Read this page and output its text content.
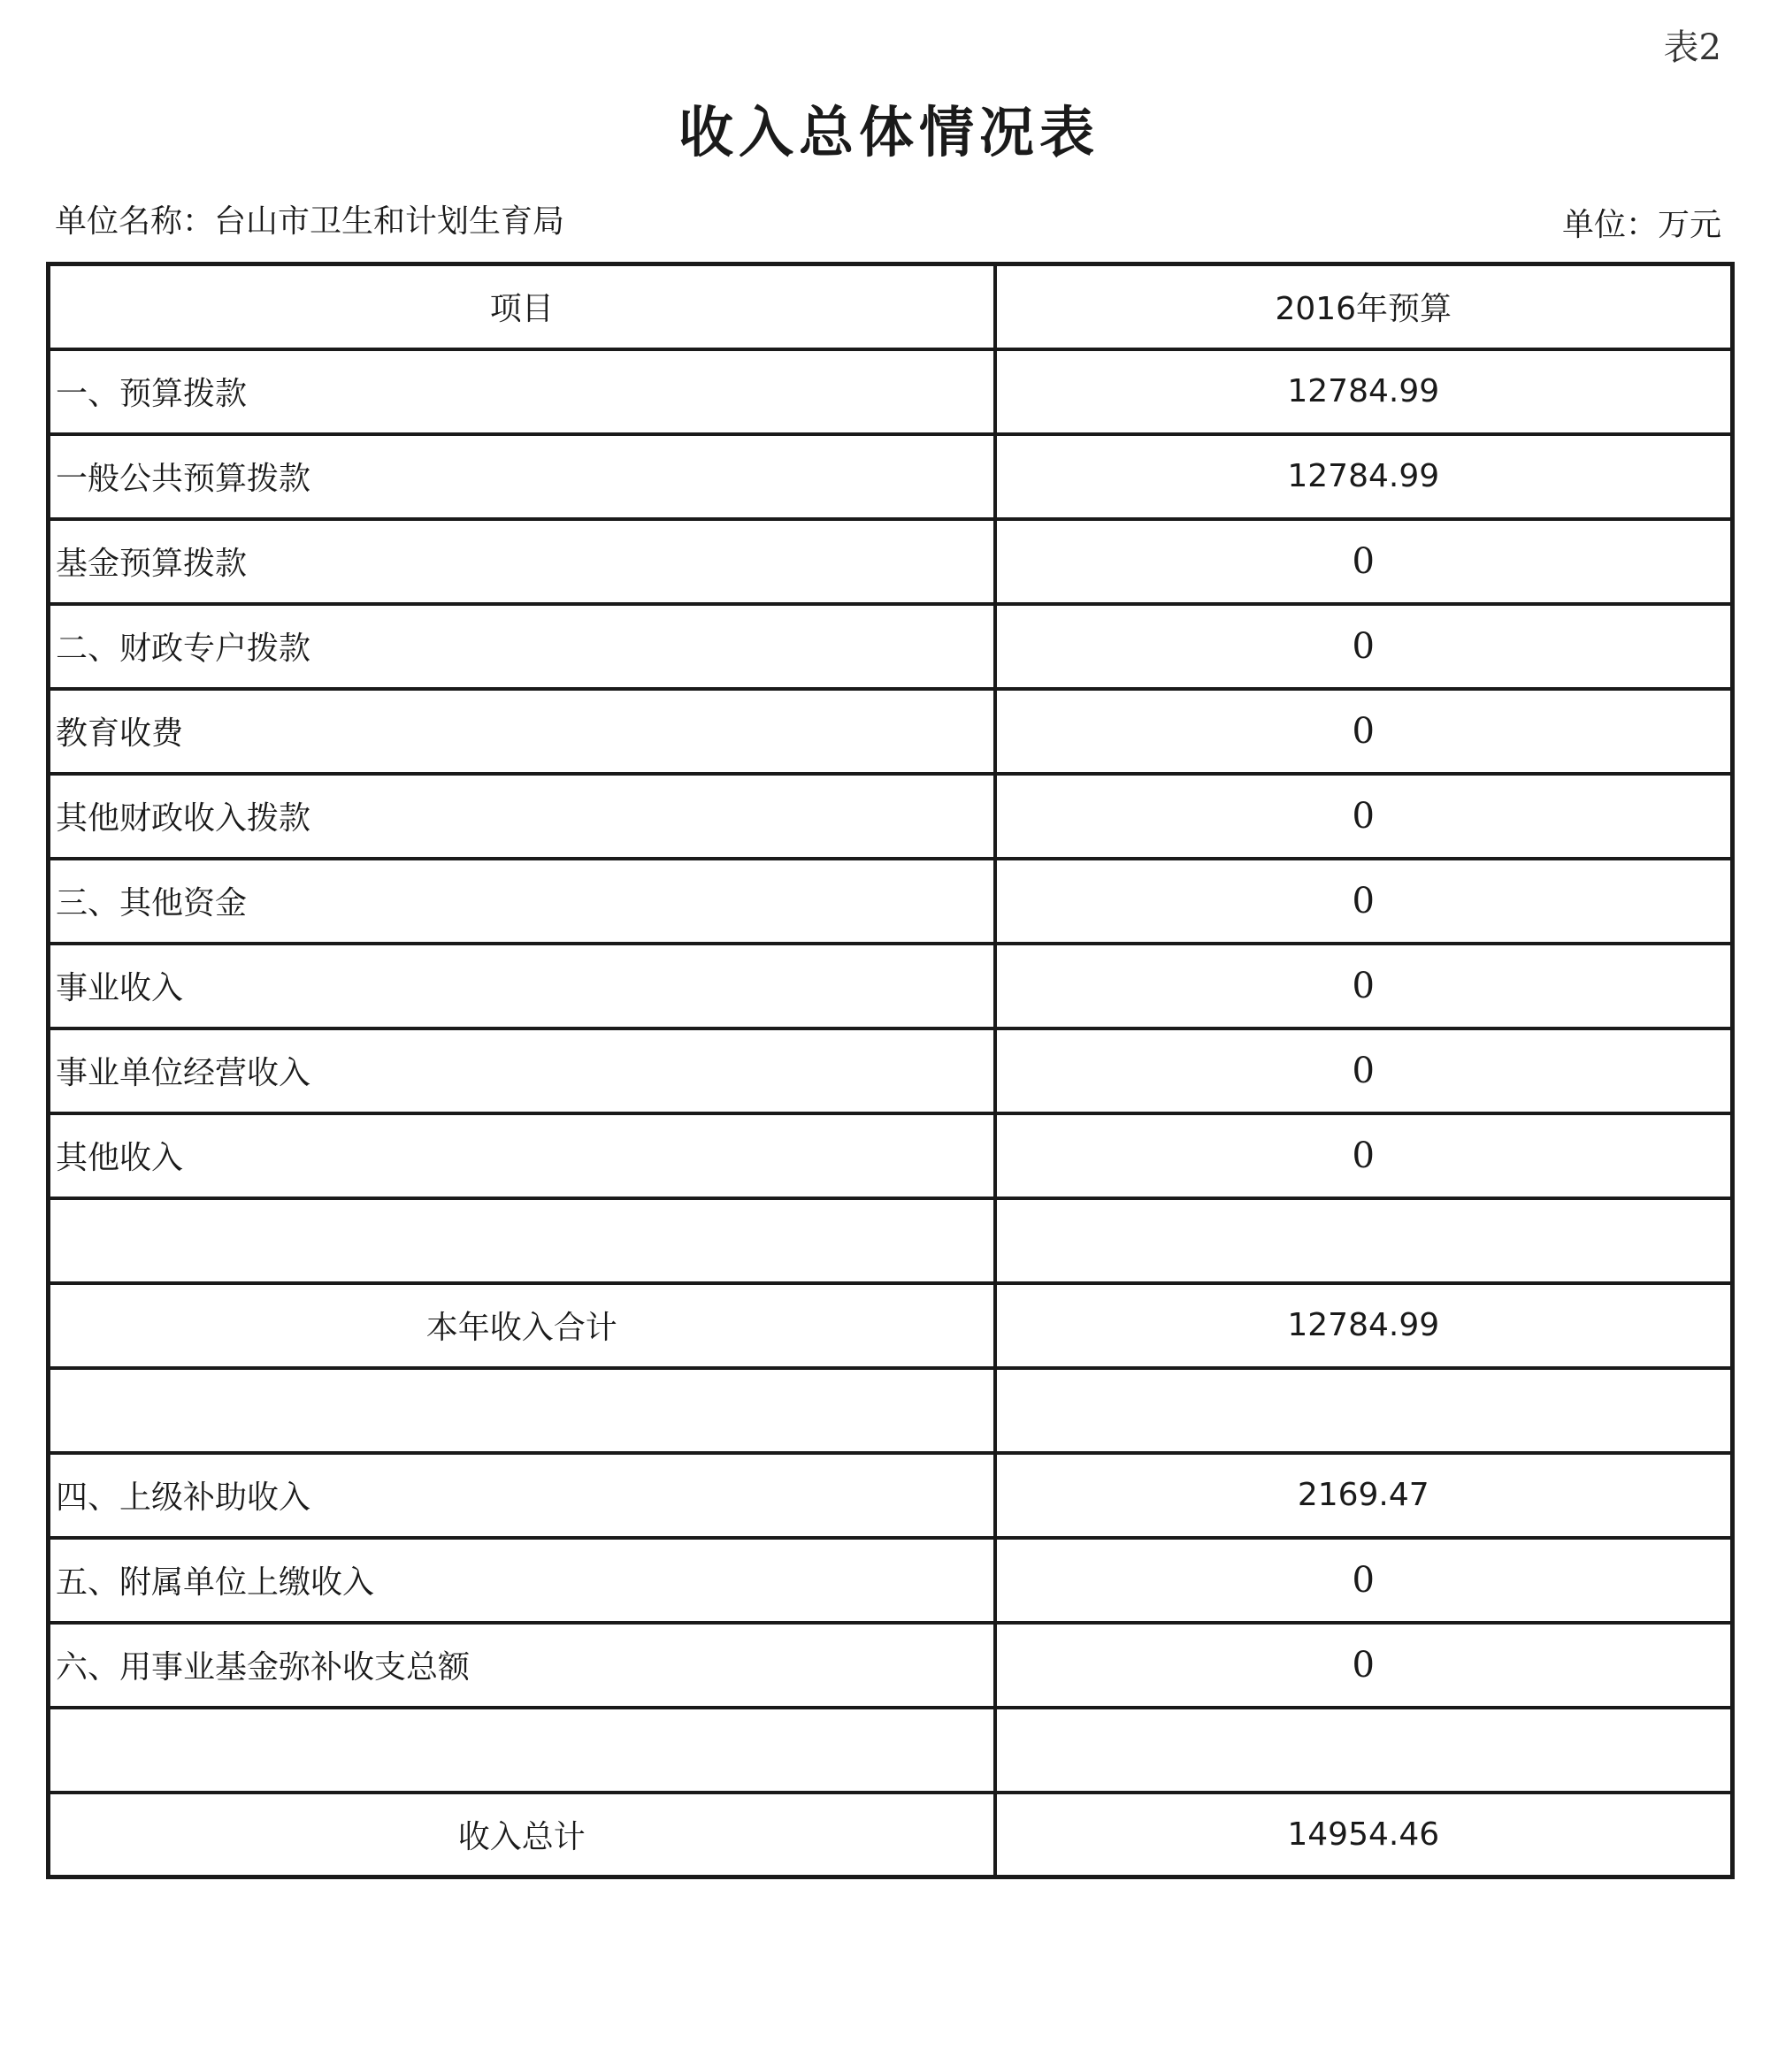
表2
收入总体情况表
单位名称：台山市卫生和计划生育局	单位：万元
项目	2016年预算
一、预算拨款	12784.99
一般公共预算拨款	12784.99
基金预算拨款	0
二、财政专户拨款	0
教育收费	0
其他财政收入拨款	0
三、其他资金	0
事业收入	0
事业单位经营收入	0
其他收入	0

本年收入合计	12784.99

四、上级补助收入	2169.47
五、附属单位上缴收入	0
六、用事业基金弥补收支总额	0

收入总计	14954.46
